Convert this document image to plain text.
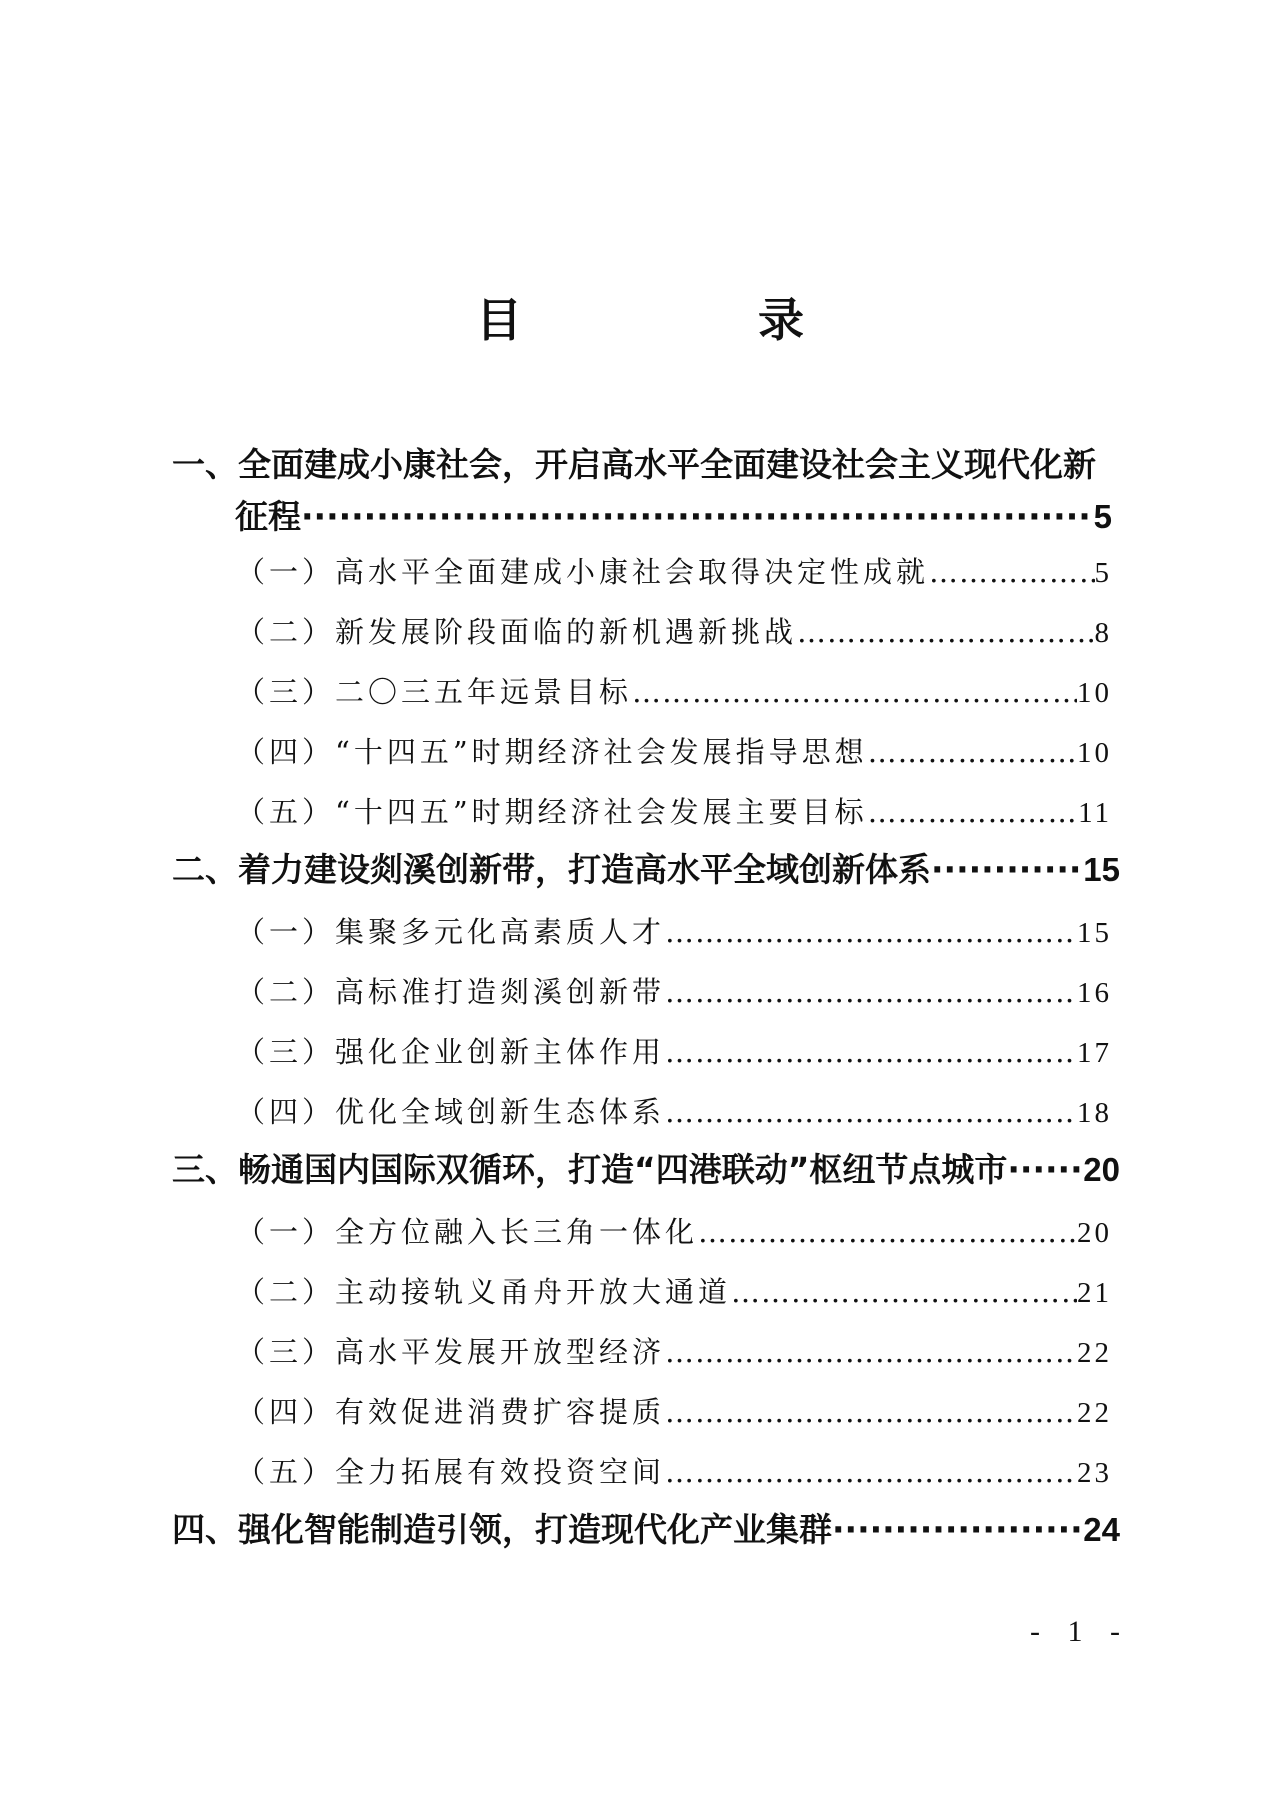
目 录
一、全面建成小康社会，开启高水平全面建设社会主义现代化新
征程 ·····	5
（一）高水平全面建成小康社会取得决定性成就 ……………………………………………………………………………………………………………………………………………………………………	5
（二）新发展阶段面临的新机遇新挑战 ……………………………………………………………………………………………………………………………………………………………………	8
（三）二〇三五年远景目标 ……………………………………………………………………………………………………………………………………………………………………	10
（四）“十四五”时期经济社会发展指导思想 ……………………………………………………………………………………………………………………………………………………………………	10
（五）“十四五”时期经济社会发展主要目标 ……………………………………………………………………………………………………………………………………………………………………	11
二、着力建设剡溪创新带，打造高水平全域创新体系 ·····	15
（一）集聚多元化高素质人才 ……………………………………………………………………………………………………………………………………………………………………	15
（二）高标准打造剡溪创新带 ……………………………………………………………………………………………………………………………………………………………………	16
（三）强化企业创新主体作用 ……………………………………………………………………………………………………………………………………………………………………	17
（四）优化全域创新生态体系 ……………………………………………………………………………………………………………………………………………………………………	18
三、畅通国内国际双循环，打造“四港联动”枢纽节点城市 ····· 20
（一）全方位融入长三角一体化 ……………………………………………………………………………………………………………………………………………………………………	20
（二）主动接轨义甬舟开放大通道 ……………………………………………………………………………………………………………………………………………………………………	21
（三）高水平发展开放型经济 ……………………………………………………………………………………………………………………………………………………………………	22
（四）有效促进消费扩容提质 ……………………………………………………………………………………………………………………………………………………………………	22
（五）全力拓展有效投资空间 ……………………………………………………………………………………………………………………………………………………………………	23
四、强化智能制造引领，打造现代化产业集群 ·····	24
- 1 -
